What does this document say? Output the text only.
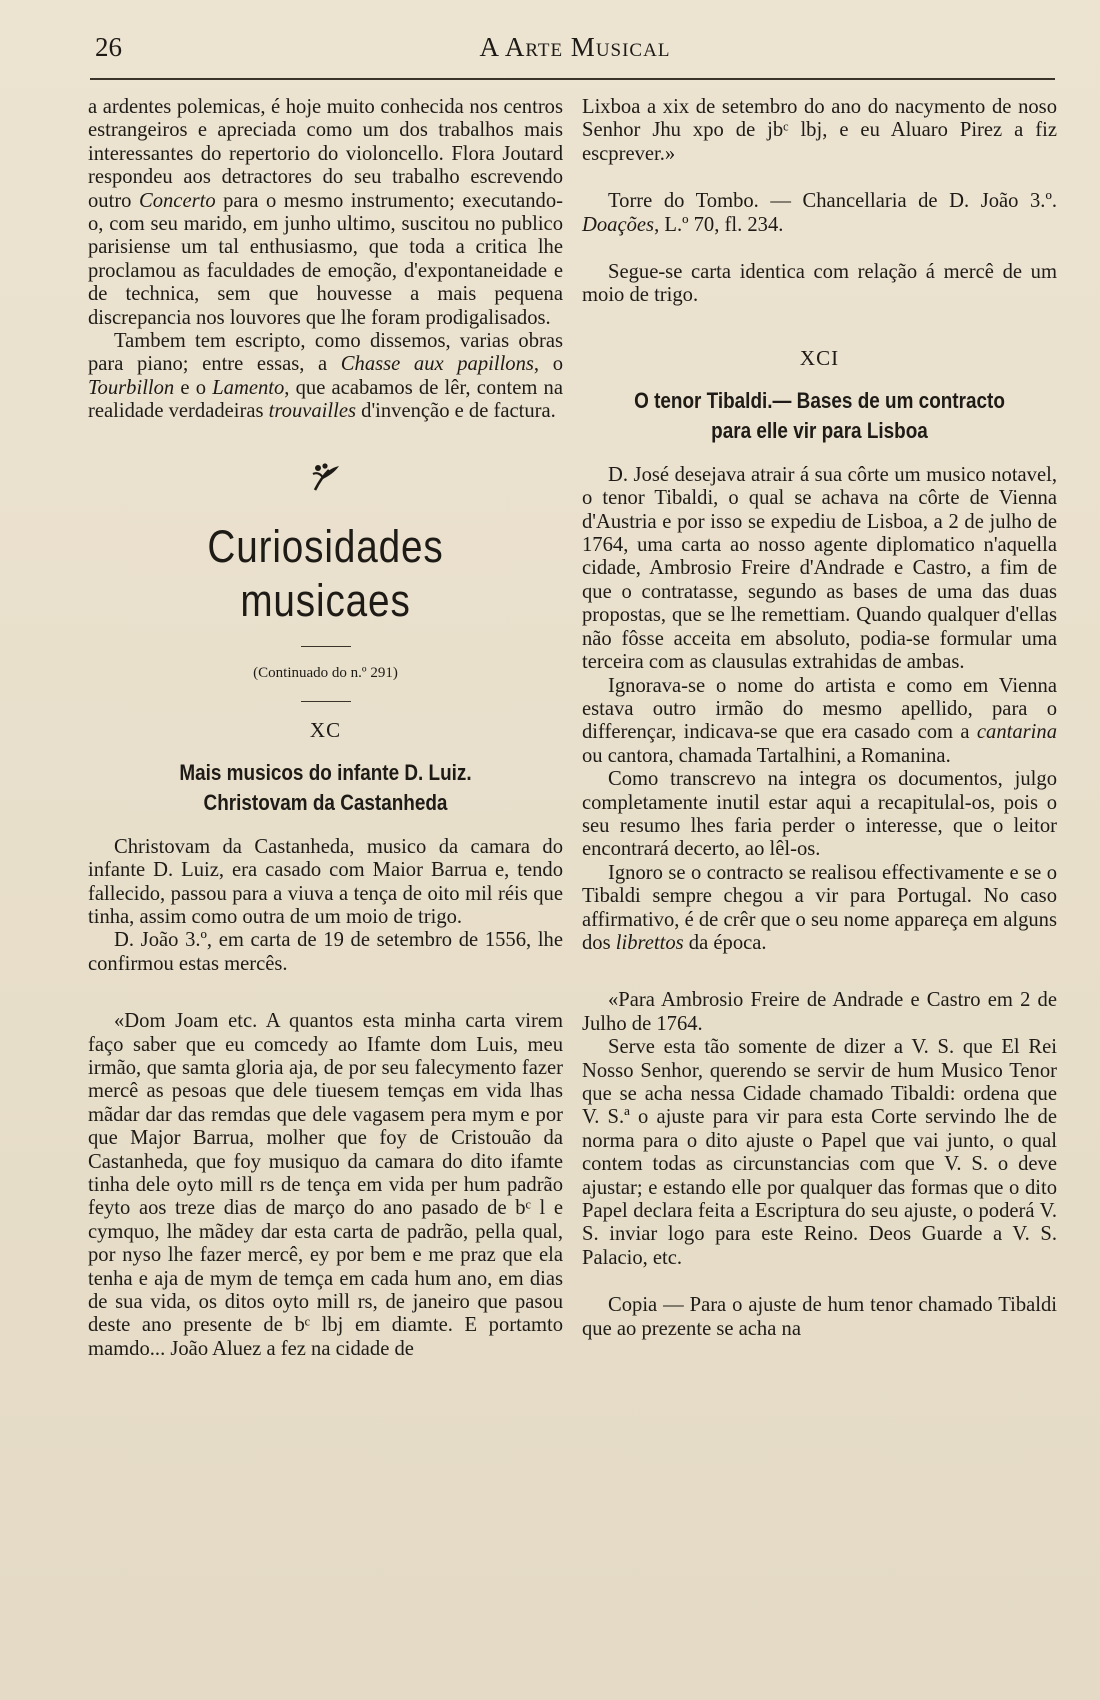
26	A Arte Musical

a ardentes polemicas, é hoje muito conhecida nos centros estrangeiros e apreciada como um dos trabalhos mais interessantes do repertorio do violoncello. Flora Joutard respondeu aos detractores do seu trabalho escrevendo outro Concerto para o mesmo instrumento; executando-o, com seu marido, em junho ultimo, suscitou no publico parisiense um tal enthusiasmo, que toda a critica lhe proclamou as faculdades de emoção, d'expontaneidade e de technica, sem que houvesse a mais pequena discrepancia nos louvores que lhe foram prodigalisados.

Tambem tem escripto, como dissemos, varias obras para piano; entre essas, a Chasse aux papillons, o Tourbillon e o Lamento, que acabamos de lêr, contem na realidade verdadeiras trouvailles d'invenção e de factura.

Curiosidades musicaes
(Continuado do n.º 291)
XC
Mais musicos do infante D. Luiz.
Christovam da Castanheda

Christovam da Castanheda, musico da camara do infante D. Luiz, era casado com Maior Barrua e, tendo fallecido, passou para a viuva a tença de oito mil réis que tinha, assim como outra de um moio de trigo.

D. João 3.º, em carta de 19 de setembro de 1556, lhe confirmou estas mercês.

«Dom Joam etc. A quantos esta minha carta virem faço saber que eu comcedy ao Ifamte dom Luis, meu irmão, que samta gloria aja, de por seu falecymento fazer mercê as pesoas que dele tiuesem temças em vida lhas mãdar dar das remdas que dele vagasem pera mym e por que Major Barrua, molher que foy de Cristouão da Castanheda, que foy musiquo da camara do dito ifamte tinha dele oyto mill rs de tença em vida per hum padrão feyto aos treze dias de março do ano pasado de bᶜ l e cymquo, lhe mãdey dar esta carta de padrão, pella qual, por nyso lhe fazer mercê, ey por bem e me praz que ela tenha e aja de mym de temça em cada hum ano, em dias de sua vida, os ditos oyto mill rs, de janeiro que pasou deste ano presente de bᶜ lbj em diamte. E portamto mamdo... João Aluez a fez na cidade de

Lixboa a xix de setembro do ano do nacymento de noso Senhor Jhu xpo de jbᶜ lbj, e eu Aluaro Pirez a fiz escprever.»

Torre do Tombo. — Chancellaria de D. João 3.º. Doações, L.º 70, fl. 234.

Segue-se carta identica com relação á mercê de um moio de trigo.

XCI
O tenor Tibaldi.— Bases de um contracto
para elle vir para Lisboa

D. José desejava atrair á sua côrte um musico notavel, o tenor Tibaldi, o qual se achava na côrte de Vienna d'Austria e por isso se expediu de Lisboa, a 2 de julho de 1764, uma carta ao nosso agente diplomatico n'aquella cidade, Ambrosio Freire d'Andrade e Castro, a fim de que o contratasse, segundo as bases de uma das duas propostas, que se lhe remettiam. Quando qualquer d'ellas não fôsse acceita em absoluto, podia-se formular uma terceira com as clausulas extrahidas de ambas.

Ignorava-se o nome do artista e como em Vienna estava outro irmão do mesmo apellido, para o differençar, indicava-se que era casado com a cantarina ou cantora, chamada Tartalhini, a Romanina.

Como transcrevo na integra os documentos, julgo completamente inutil estar aqui a recapitulal-os, pois o seu resumo lhes faria perder o interesse, que o leitor encontrará decerto, ao lêl-os.

Ignoro se o contracto se realisou effectivamente e se o Tibaldi sempre chegou a vir para Portugal. No caso affirmativo, é de crêr que o seu nome appareça em alguns dos librettos da época.

«Para Ambrosio Freire de Andrade e Castro em 2 de Julho de 1764.

Serve esta tão somente de dizer a V. S. que El Rei Nosso Senhor, querendo se servir de hum Musico Tenor que se acha nessa Cidade chamado Tibaldi: ordena que V. S.ª o ajuste para vir para esta Corte servindo lhe de norma para o dito ajuste o Papel que vai junto, o qual contem todas as circunstancias com que V. S. o deve ajustar; e estando elle por qualquer das formas que o dito Papel declara feita a Escriptura do seu ajuste, o poderá V. S. inviar logo para este Reino. Deos Guarde a V. S. Palacio, etc.

Copia — Para o ajuste de hum tenor chamado Tibaldi que ao prezente se acha na
